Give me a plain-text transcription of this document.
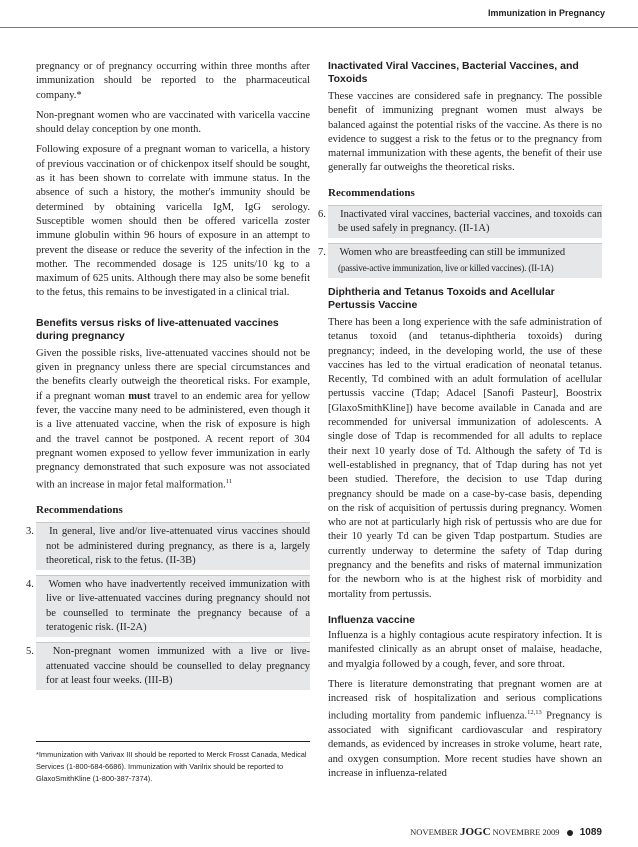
Immunization in Pregnancy

pregnancy or of pregnancy occurring within three months after immunization should be reported to the pharmaceutical company.*

Non-pregnant women who are vaccinated with varicella vaccine should delay conception by one month.

Following exposure of a pregnant woman to varicella, a history of previous vaccination or of chickenpox itself should be sought, as it has been shown to correlate with immune status. In the absence of such a history, the mother's immunity should be determined by obtaining varicella IgM, IgG serology. Susceptible women should then be offered varicella zoster immune globulin within 96 hours of exposure in an attempt to prevent the disease or reduce the severity of the infection in the mother. The recommended dosage is 125 units/10 kg to a maximum of 625 units. Although there may also be some benefit to the fetus, this remains to be investigated in a clinical trial.

Benefits versus risks of live-attenuated vaccines during pregnancy

Given the possible risks, live-attenuated vaccines should not be given in pregnancy unless there are special circumstances and the benefits clearly outweigh the theoretical risks. For example, if a pregnant woman must travel to an endemic area for yellow fever, the vaccine many need to be administered, even though it is a live attenuated vaccine, when the risk of exposure is high and the travel cannot be postponed. A recent report of 304 pregnant women exposed to yellow fever immunization in early pregnancy demonstrated that such exposure was not associated with an increase in major fetal malformation.$^{11}$

Recommendations
3. In general, live and/or live-attenuated virus vaccines should not be administered during pregnancy, as there is a, largely theoretical, risk to the fetus. (II-3B)
4. Women who have inadvertently received immunization with live or live-attenuated vaccines during pregnancy should not be counselled to terminate the pregnancy because of a teratogenic risk. (II-2A)
5. Non-pregnant women immunized with a live or live-attenuated vaccine should be counselled to delay pregnancy for at least four weeks. (III-B)
*Immunization with Varivax III should be reported to Merck Frosst Canada, Medical Services (1-800-684-6686). Immunization with Varilrix should be reported to GlaxoSmithKline (1-800-387-7374).
Inactivated Viral Vaccines, Bacterial Vaccines, and Toxoids

These vaccines are considered safe in pregnancy. The possible benefit of immunizing pregnant women must always be balanced against the potential risks of the vaccine. As there is no evidence to suggest a risk to the fetus or to the pregnancy from maternal immunization with these agents, the benefit of their use generally far outweighs the theoretical risks.

Recommendations
6. Inactivated viral vaccines, bacterial vaccines, and toxoids can be used safely in pregnancy. (II-1A)
7. Women who are breastfeeding can still be immunized
(passive-active immunization, live or killed vaccines). (II-1A)
Diphtheria and Tetanus Toxoids and Acellular Pertussis Vaccine

There has been a long experience with the safe administration of tetanus toxoid (and tetanus-diphtheria toxoids) during pregnancy; indeed, in the developing world, the use of these vaccines has led to the virtual eradication of neonatal tetanus. Recently, Td combined with an adult formulation of acellular pertussis vaccine (Tdap; Adacel [Sanofi Pasteur], Boostrix [GlaxoSmithKline]) have become available in Canada and are recommended for universal immunization of adolescents. A single dose of Tdap is recommended for all adults to replace their next 10 yearly dose of Td. Although the safety of Td is well-established in pregnancy, that of Tdap during has not yet been studied. Therefore, the decision to use Tdap during pregnancy should be made on a case-by-case basis, depending on the risk of acquisition of pertussis during pregnancy. Women who are not at particularly high risk of pertussis who are due for their 10 yearly Td can be given Tdap postpartum. Studies are currently underway to determine the safety of Tdap during pregnancy and the benefits and risks of maternal immunization for the newborn who is at the highest risk of morbidity and mortality from pertussis.

Influenza vaccine

Influenza is a highly contagious acute respiratory infection. It is manifested clinically as an abrupt onset of malaise, headache, and myalgia followed by a cough, fever, and sore throat.

There is literature demonstrating that pregnant women are at increased risk of hospitalization and serious complications including mortality from pandemic influenza.$^{12,13}$ Pregnancy is associated with significant cardiovascular and respiratory demands, as evidenced by increases in stroke volume, heart rate, and oxygen consumption. More recent studies have shown an increase in influenza-related

NOVEMBER JOGC NOVEMBRE 2009 1089
